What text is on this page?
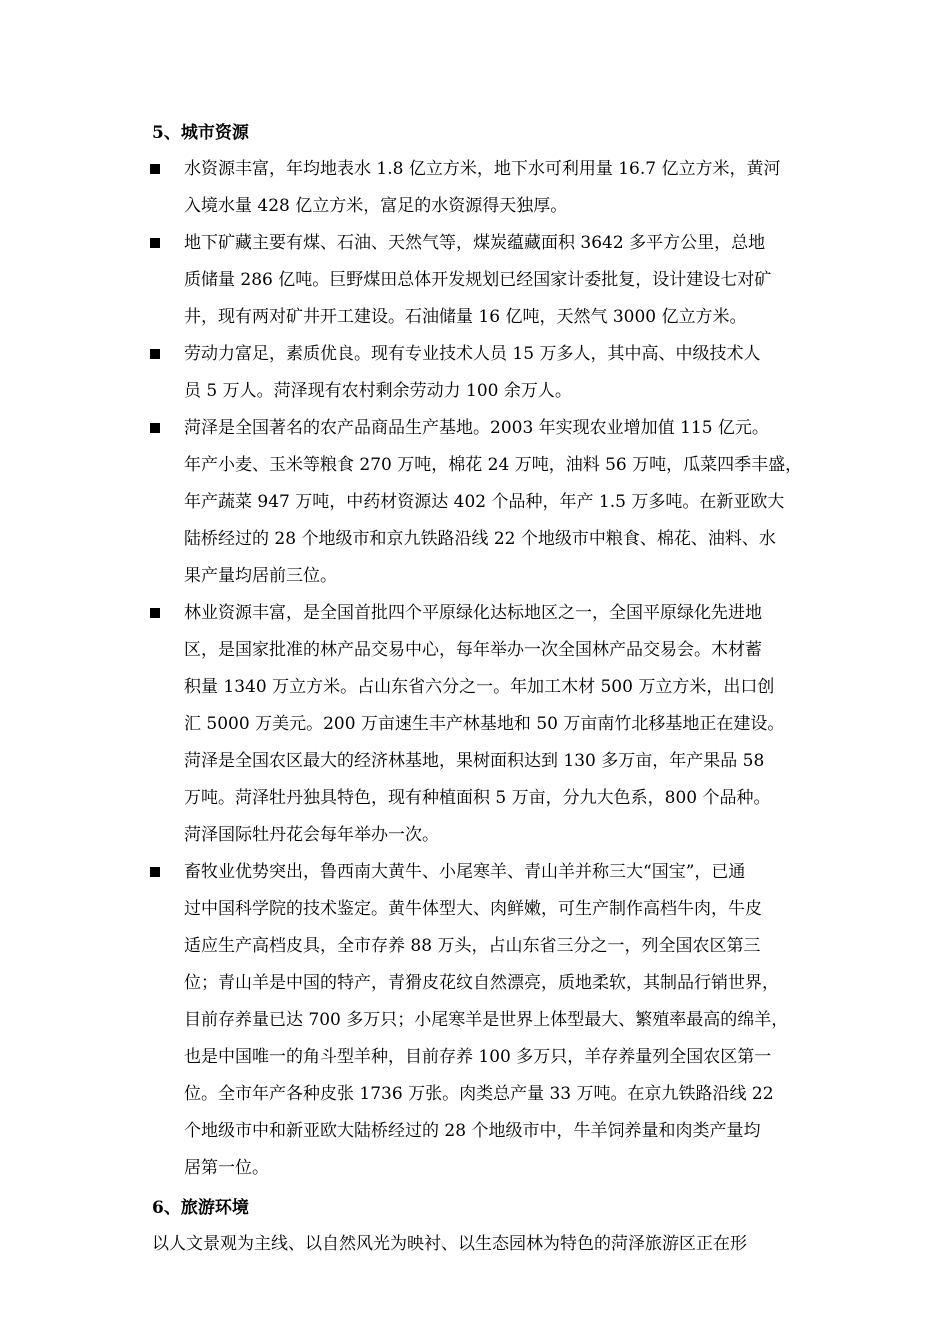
5、城市资源
水资源丰富，年均地表水 1.8 亿立方米，地下水可利用量 16.7 亿立方米，黄河
入境水量 428 亿立方米，富足的水资源得天独厚。
地下矿藏主要有煤、石油、天然气等，煤炭蕴藏面积 3642 多平方公里，总地
质储量 286 亿吨。巨野煤田总体开发规划已经国家计委批复，设计建设七对矿
井，现有两对矿井开工建设。石油储量 16 亿吨，天然气 3000 亿立方米。
劳动力富足，素质优良。现有专业技术人员 15 万多人，其中高、中级技术人
员 5 万人。菏泽现有农村剩余劳动力 100 余万人。
菏泽是全国著名的农产品商品生产基地。2003 年实现农业增加值 115 亿元。
年产小麦、玉米等粮食 270 万吨，棉花 24 万吨，油料 56 万吨，瓜菜四季丰盛，
年产蔬菜 947 万吨，中药材资源达 402 个品种，年产 1.5 万多吨。在新亚欧大
陆桥经过的 28 个地级市和京九铁路沿线 22 个地级市中粮食、棉花、油料、水
果产量均居前三位。
林业资源丰富，是全国首批四个平原绿化达标地区之一，全国平原绿化先进地
区，是国家批准的林产品交易中心，每年举办一次全国林产品交易会。木材蓄
积量 1340 万立方米。占山东省六分之一。年加工木材 500 万立方米，出口创
汇 5000 万美元。200 万亩速生丰产林基地和 50 万亩南竹北移基地正在建设。
菏泽是全国农区最大的经济林基地，果树面积达到 130 多万亩，年产果品 58
万吨。菏泽牡丹独具特色，现有种植面积 5 万亩，分九大色系，800 个品种。
菏泽国际牡丹花会每年举办一次。
畜牧业优势突出，鲁西南大黄牛、小尾寒羊、青山羊并称三大“国宝”，已通
过中国科学院的技术鉴定。黄牛体型大、肉鲜嫩，可生产制作高档牛肉，牛皮
适应生产高档皮具，全市存养 88 万头，占山东省三分之一，列全国农区第三
位；青山羊是中国的特产，青猾皮花纹自然漂亮，质地柔软，其制品行销世界，
目前存养量已达 700 多万只；小尾寒羊是世界上体型最大、繁殖率最高的绵羊，
也是中国唯一的角斗型羊种，目前存养 100 多万只，羊存养量列全国农区第一
位。全市年产各种皮张 1736 万张。肉类总产量 33 万吨。在京九铁路沿线 22
个地级市中和新亚欧大陆桥经过的 28 个地级市中，牛羊饲养量和肉类产量均
居第一位。
6、旅游环境
以人文景观为主线、以自然风光为映衬、以生态园林为特色的菏泽旅游区正在形
